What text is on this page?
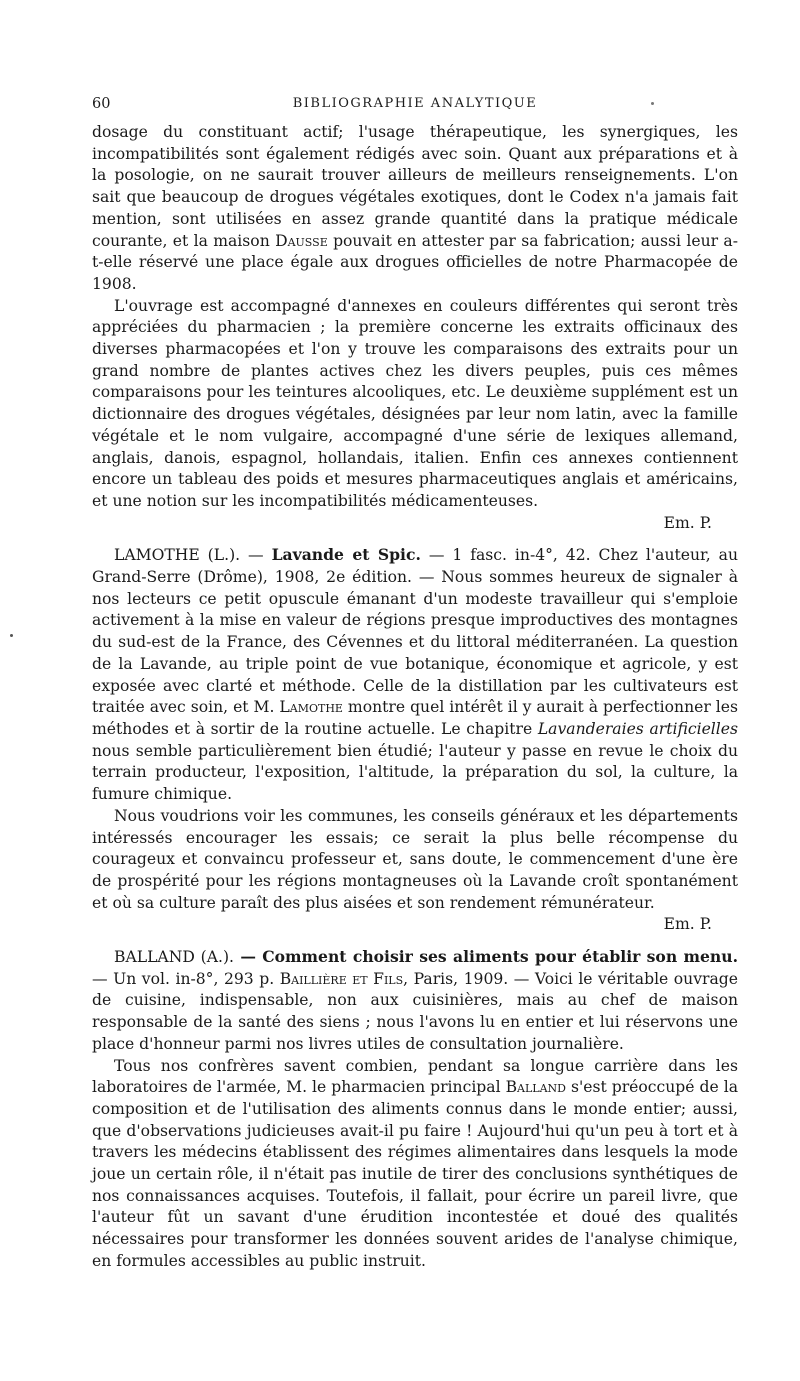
60	BIBLIOGRAPHIE ANALYTIQUE

dosage du constituant actif; l'usage thérapeutique, les synergiques, les incompatibilités sont également rédigés avec soin. Quant aux préparations et à la posologie, on ne saurait trouver ailleurs de meilleurs renseignements. L'on sait que beaucoup de drogues végétales exotiques, dont le Codex n'a jamais fait mention, sont utilisées en assez grande quantité dans la pratique médicale courante, et la maison Dausse pouvait en attester par sa fabrication; aussi leur a-t-elle réservé une place égale aux drogues officielles de notre Pharmacopée de 1908.

L'ouvrage est accompagné d'annexes en couleurs différentes qui seront très appréciées du pharmacien ; la première concerne les extraits officinaux des diverses pharmacopées et l'on y trouve les comparaisons des extraits pour un grand nombre de plantes actives chez les divers peuples, puis ces mêmes comparaisons pour les teintures alcooliques, etc. Le deuxième supplément est un dictionnaire des drogues végétales, désignées par leur nom latin, avec la famille végétale et le nom vulgaire, accompagné d'une série de lexiques allemand, anglais, danois, espagnol, hollandais, italien. Enfin ces annexes contiennent encore un tableau des poids et mesures pharmaceutiques anglais et américains, et une notion sur les incompatibilités médicamenteuses.

Em. P.

LAMOTHE (L.). — Lavande et Spic. — 1 fasc. in-4°, 42. Chez l'auteur, au Grand-Serre (Drôme), 1908, 2e édition. — Nous sommes heureux de signaler à nos lecteurs ce petit opuscule émanant d'un modeste travailleur qui s'emploie activement à la mise en valeur de régions presque improductives des montagnes du sud-est de la France, des Cévennes et du littoral méditerranéen. La question de la Lavande, au triple point de vue botanique, économique et agricole, y est exposée avec clarté et méthode. Celle de la distillation par les cultivateurs est traitée avec soin, et M. Lamothe montre quel intérêt il y aurait à perfectionner les méthodes et à sortir de la routine actuelle. Le chapitre Lavanderaies artificielles nous semble particulièrement bien étudié; l'auteur y passe en revue le choix du terrain producteur, l'exposition, l'altitude, la préparation du sol, la culture, la fumure chimique.

Nous voudrions voir les communes, les conseils généraux et les départements intéressés encourager les essais; ce serait la plus belle récompense du courageux et convaincu professeur et, sans doute, le commencement d'une ère de prospérité pour les régions montagneuses où la Lavande croît spontanément et où sa culture paraît des plus aisées et son rendement rémunérateur.

Em. P.

BALLAND (A.). — Comment choisir ses aliments pour établir son menu. — Un vol. in-8°, 293 p. Baillière et Fils, Paris, 1909. — Voici le véritable ouvrage de cuisine, indispensable, non aux cuisinières, mais au chef de maison responsable de la santé des siens ; nous l'avons lu en entier et lui réservons une place d'honneur parmi nos livres utiles de consultation journalière.

Tous nos confrères savent combien, pendant sa longue carrière dans les laboratoires de l'armée, M. le pharmacien principal Balland s'est préoccupé de la composition et de l'utilisation des aliments connus dans le monde entier; aussi, que d'observations judicieuses avait-il pu faire ! Aujourd'hui qu'un peu à tort et à travers les médecins établissent des régimes alimentaires dans lesquels la mode joue un certain rôle, il n'était pas inutile de tirer des conclusions synthétiques de nos connaissances acquises. Toutefois, il fallait, pour écrire un pareil livre, que l'auteur fût un savant d'une érudition incontestée et doué des qualités nécessaires pour transformer les données souvent arides de l'analyse chimique, en formules accessibles au public instruit.
